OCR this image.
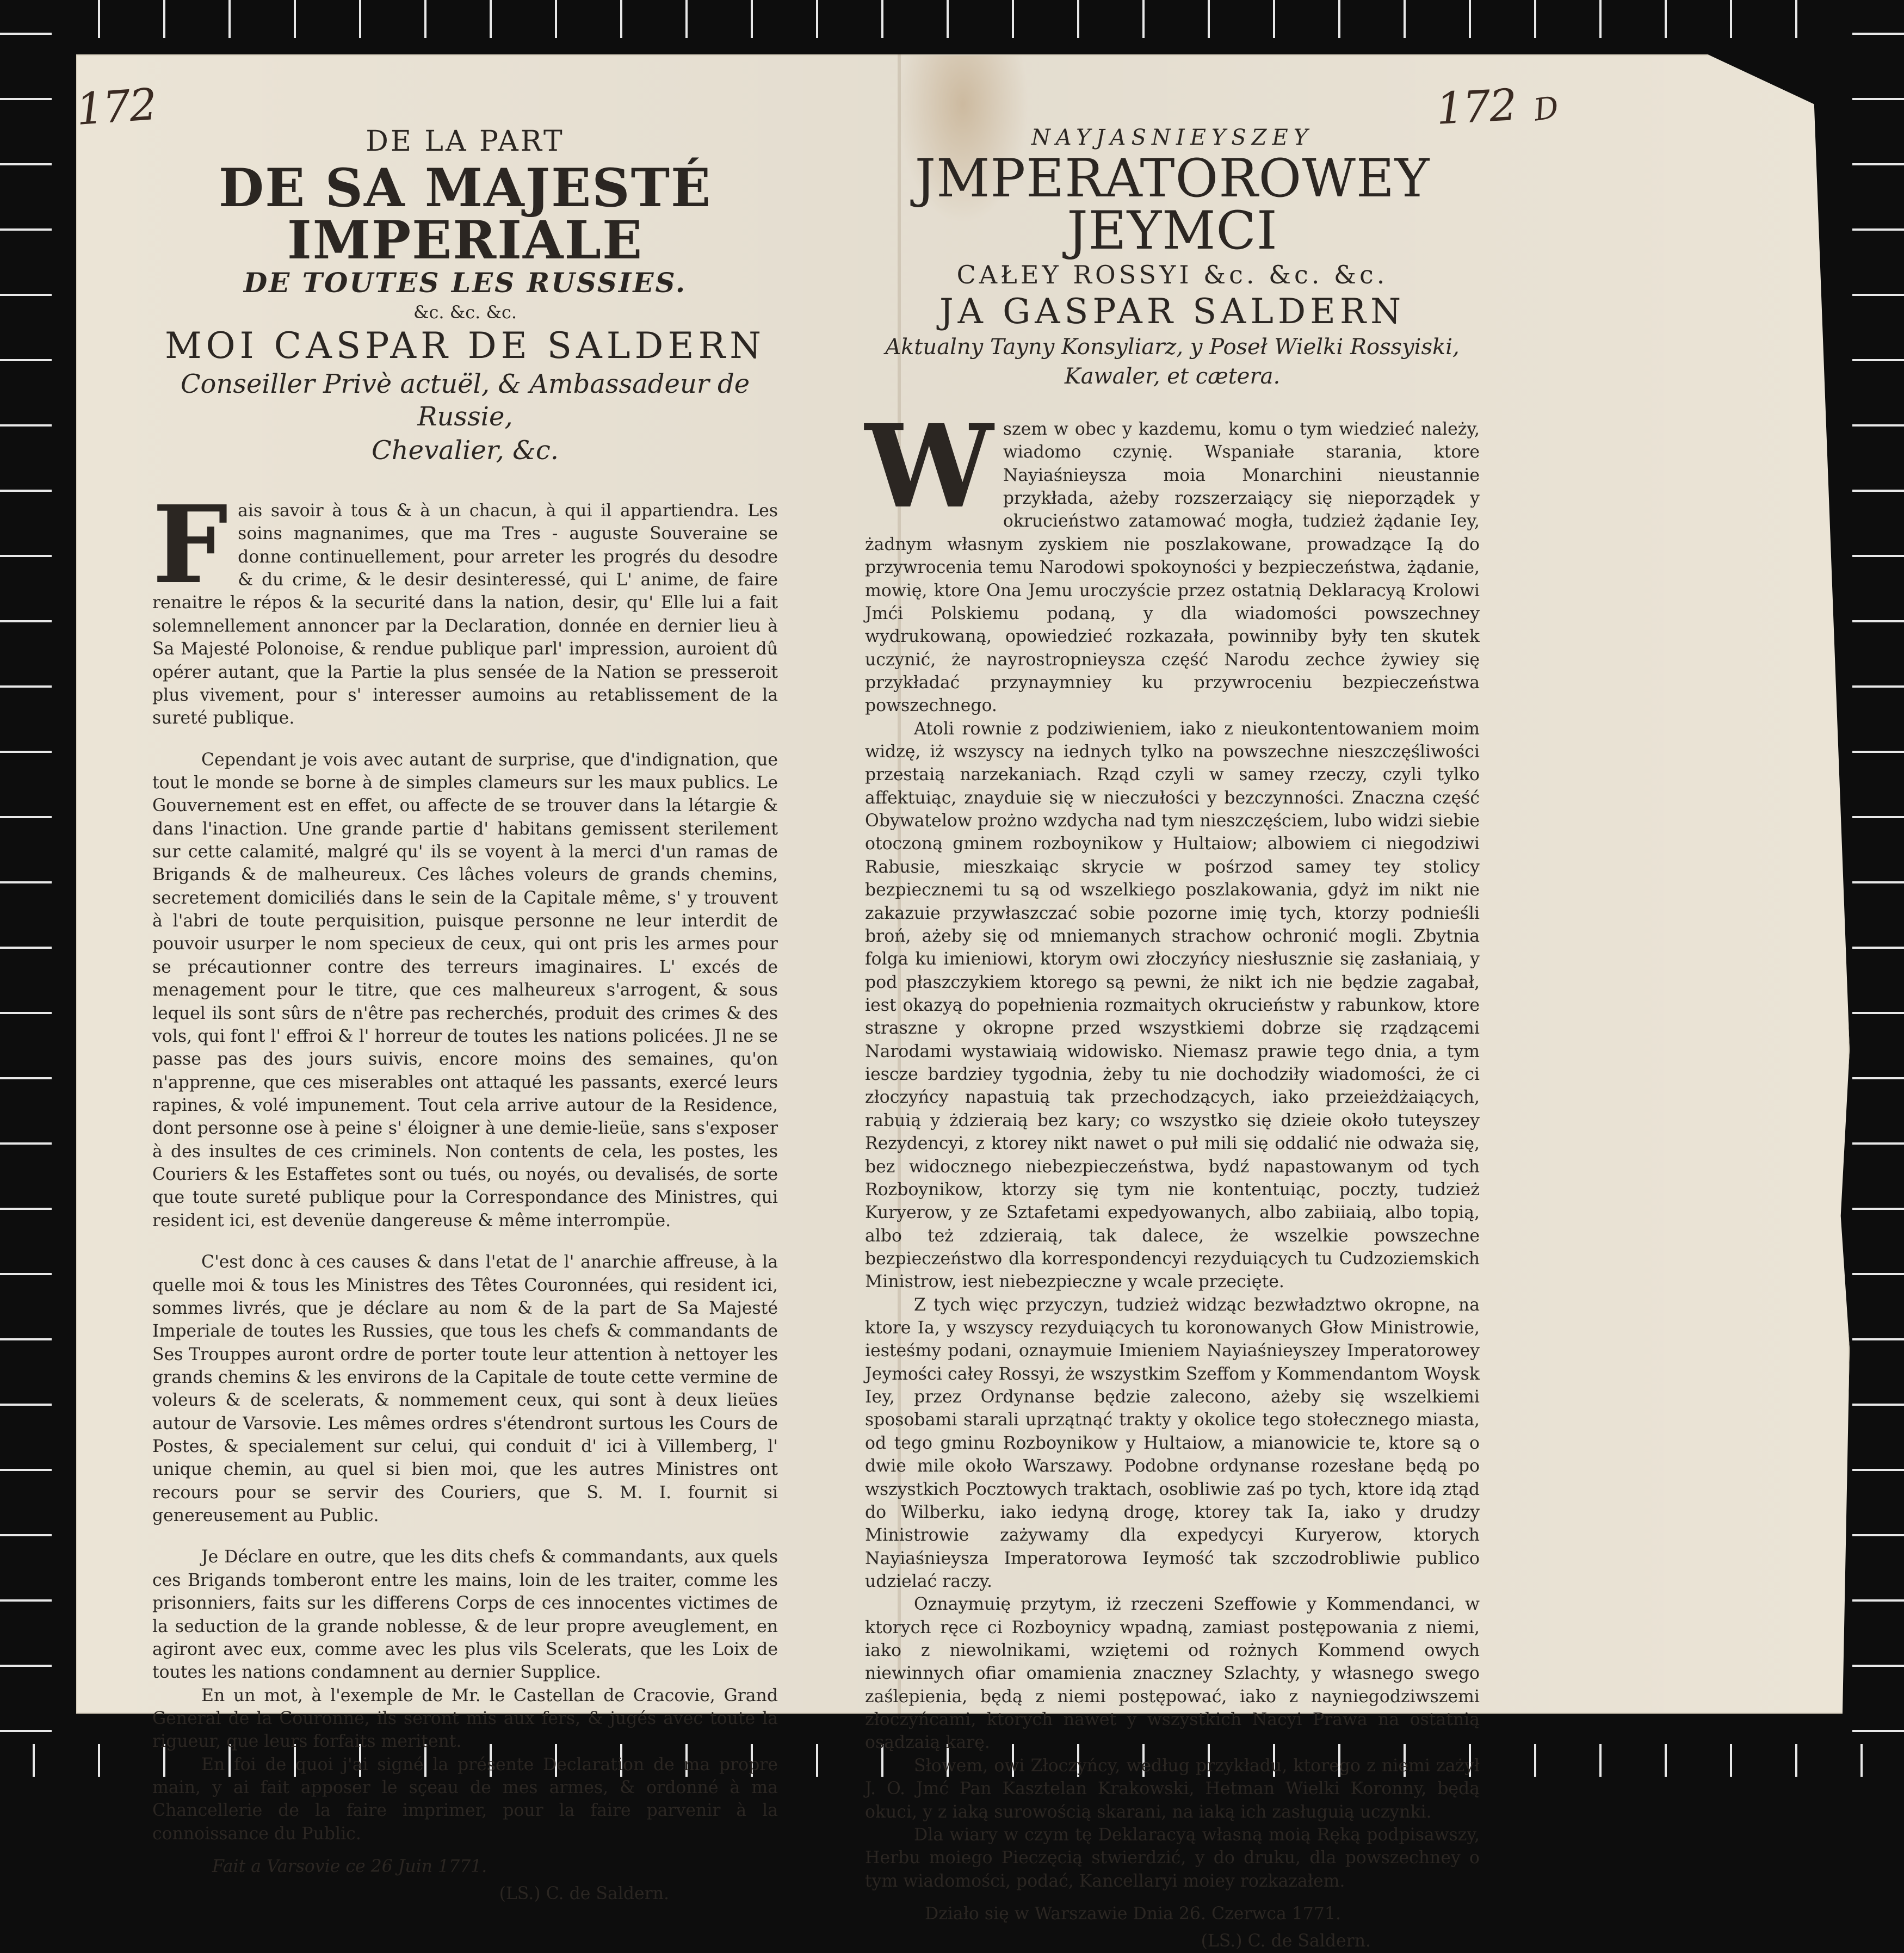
172	172 D
DE LA PART
DE SA MAJESTÉ IMPERIALE
DE TOUTES LES RUSSIES.
&c. &c. &c.
MOI CASPAR DE SALDERN
Conseiller Privè actuël, & Ambassadeur de Russie,
Chevalier, &c.

Fais savoir à tous & à un chacun, à qui il appartiendra. Les soins magnanimes, que ma Tres - auguste Souveraine se donne continuellement, pour arreter les progrés du desodre & du crime, & le desir desinteressé, qui L' anime, de faire renaitre le répos & la securité dans la nation, desir, qu' Elle lui a fait solemnellement annoncer par la Declaration, donnée en dernier lieu à Sa Majesté Polonoise, & rendue publique parl' impression, auroient dû opérer autant, que la Partie la plus sensée de la Nation se presseroit plus vivement, pour s' interesser aumoins au retablissement de la sureté publique.

Cependant je vois avec autant de surprise, que d'indignation, que tout le monde se borne à de simples clameurs sur les maux publics. Le Gouvernement est en effet, ou affecte de se trouver dans la létargie & dans l'inaction. Une grande partie d' habitans gemissent sterilement sur cette calamité, malgré qu' ils se voyent à la merci d'un ramas de Brigands & de malheureux. Ces lâches voleurs de grands chemins, secretement domiciliés dans le sein de la Capitale même, s' y trouvent à l'abri de toute perquisition, puisque personne ne leur interdit de pouvoir usurper le nom specieux de ceux, qui ont pris les armes pour se précautionner contre des terreurs imaginaires. L' excés de menagement pour le titre, que ces malheureux s'arrogent, & sous lequel ils sont sûrs de n'être pas recherchés, produit des crimes & des vols, qui font l' effroi & l' horreur de toutes les nations policées. Jl ne se passe pas des jours suivis, encore moins des semaines, qu'on n'apprenne, que ces miserables ont attaqué les passants, exercé leurs rapines, & volé impunement. Tout cela arrive autour de la Residence, dont personne ose à peine s' éloigner à une demie-lieüe, sans s'exposer à des insultes de ces criminels. Non contents de cela, les postes, les Couriers & les Estaffetes sont ou tués, ou noyés, ou devalisés, de sorte que toute sureté publique pour la Correspondance des Ministres, qui resident ici, est devenüe dangereuse & même interrompüe.

C'est donc à ces causes & dans l'etat de l' anarchie affreuse, à la quelle moi & tous les Ministres des Têtes Couronnées, qui resident ici, sommes livrés, que je déclare au nom & de la part de Sa Majesté Imperiale de toutes les Russies, que tous les chefs & commandants de Ses Trouppes auront ordre de porter toute leur attention à nettoyer les grands chemins & les environs de la Capitale de toute cette vermine de voleurs & de scelerats, & nommement ceux, qui sont à deux lieües autour de Varsovie. Les mêmes ordres s'étendront surtous les Cours de Postes, & specialement sur celui, qui conduit d' ici à Villemberg, l' unique chemin, au quel si bien moi, que les autres Ministres ont recours pour se servir des Couriers, que S. M. I. fournit si genereusement au Public.

Je Déclare en outre, que les dits chefs & commandants, aux quels ces Brigands tomberont entre les mains, loin de les traiter, comme les prisonniers, faits sur les differens Corps de ces innocentes victimes de la seduction de la grande noblesse, & de leur propre aveuglement, en agiront avec eux, comme avec les plus vils Scelerats, que les Loix de toutes les nations condamnent au dernier Supplice.

En un mot, à l'exemple de Mr. le Castellan de Cracovie, Grand General de la Couronne, ils seront mis aux fers, & jugés avec toute la rigueur, que leurs forfaits meritent.

En foi de quoi j'ai signé la présente Declaration de ma propre main, y ai fait apposer le sçeau de mes armes, & ordonné à ma Chancellerie de la faire imprimer, pour la faire parvenir à la connoissance du Public.

Fait a Varsovie ce 26 Juin 1771.
(LS.) C. de Saldern.
NAYJASNIEYSZEY
JMPERATOROWEY JEYMCI
CAŁEY ROSSYI &c. &c. &c.
JA GASPAR SALDERN
Aktualny Tayny Konsyliarz, y Poseł Wielki Rossyiski,
Kawaler, et cætera.

Wszem w obec y kazdemu, komu o tym wiedzieć należy, wiadomo czynię. Wspaniałe starania, ktore Nayiaśnieysza moia Monarchini nieustannie przykłada, ażeby rozszerzaiący się nieporządek y okrucieństwo zatamować mogła, tudzież żądanie Iey, żadnym własnym zyskiem nie poszlakowane, prowadzące Ią do przywrocenia temu Narodowi spokoyności y bezpieczeństwa, żądanie, mowię, ktore Ona Jemu uroczyście przez ostatnią Deklaracyą Krolowi Jmći Polskiemu podaną, y dla wiadomości powszechney wydrukowaną, opowiedzieć rozkazała, powinniby były ten skutek uczynić, że nayrostropnieysza część Narodu zechce żywiey się przykładać przynaymniey ku przywroceniu bezpieczeństwa powszechnego.

Atoli rownie z podziwieniem, iako z nieukontentowaniem moim widzę, iż wszyscy na iednych tylko na powszechne nieszczęśliwości przestaią narzekaniach. Rząd czyli w samey rzeczy, czyli tylko affektuiąc, znayduie się w nieczułości y bezczynności. Znaczna część Obywatelow prożno wzdycha nad tym nieszczęściem, lubo widzi siebie otoczoną gminem rozboynikow y Hultaiow; albowiem ci niegodziwi Rabusie, mieszkaiąc skrycie w pośrzod samey tey stolicy bezpiecznemi tu są od wszelkiego poszlakowania, gdyż im nikt nie zakazuie przywłaszczać sobie pozorne imię tych, ktorzy podnieśli broń, ażeby się od mniemanych strachow ochronić mogli. Zbytnia folga ku imieniowi, ktorym owi złoczyńcy niesłusznie się zasłaniaią, y pod płaszczykiem ktorego są pewni, że nikt ich nie będzie zagabał, iest okazyą do popełnienia rozmaitych okrucieństw y rabunkow, ktore straszne y okropne przed wszystkiemi dobrze się rządzącemi Narodami wystawiaią widowisko. Niemasz prawie tego dnia, a tym iescze bardziey tygodnia, żeby tu nie dochodziły wiadomości, że ci złoczyńcy napastuią tak przechodzących, iako przeieżdżaiących, rabuią y żdzieraią bez kary; co wszystko się dzieie około tuteyszey Rezydencyi, z ktorey nikt nawet o puł mili się oddalić nie odważa się, bez widocznego niebezpieczeństwa, bydź napastowanym od tych Rozboynikow, ktorzy się tym nie kontentuiąc, poczty, tudzież Kuryerow, y ze Sztafetami expedyowanych, albo zabiiaią, albo topią, albo też zdzieraią, tak dalece, że wszelkie powszechne bezpieczeństwo dla korrespondencyi rezyduiących tu Cudzoziemskich Ministrow, iest niebezpieczne y wcale przecięte.

Z tych więc przyczyn, tudzież widząc bezwładztwo okropne, na ktore Ia, y wszyscy rezyduiących tu koronowanych Głow Ministrowie, iesteśmy podani, oznaymuie Imieniem Nayiaśnieyszey Imperatorowey Jeymości całey Rossyi, że wszystkim Szeffom y Kommendantom Woysk Iey, przez Ordynanse będzie zalecono, ażeby się wszelkiemi sposobami starali uprzątnąć trakty y okolice tego stołecznego miasta, od tego gminu Rozboynikow y Hultaiow, a mianowicie te, ktore są o dwie mile około Warszawy. Podobne ordynanse rozesłane będą po wszystkich Pocztowych traktach, osobliwie zaś po tych, ktore idą ztąd do Wilberku, iako iedyną drogę, ktorey tak Ia, iako y drudzy Ministrowie zażywamy dla expedycyi Kuryerow, ktorych Nayiaśnieysza Imperatorowa Ieymość tak szczodrobliwie publico udzielać raczy.

Oznaymuię przytym, iż rzeczeni Szeffowie y Kommendanci, w ktorych ręce ci Rozboynicy wpadną, zamiast postępowania z niemi, iako z niewolnikami, wziętemi od rożnych Kommend owych niewinnych ofiar omamienia znaczney Szlachty, y własnego swego zaślepienia, będą z niemi postępować, iako z nayniegodziwszemi złoczyńcami, ktorych nawet y wszystkich Nacyi Prawa na ostatnią osądzaią karę.

Słowem, owi Złoczyńcy, według przykładu, ktorego z niemi zażył J. O. Jmć Pan Kasztelan Krakowski, Hetman Wielki Koronny, będą okuci, y z iaką surowością skarani, na iaką ich zasługuią uczynki.

Dla wiary w czym tę Deklaracyą własną moią Ręką podpisawszy, Herbu moiego Pieczęcią stwierdzić, y do druku, dla powszechney o tym wiadomości, podać, Kancellaryi moiey rozkazałem.

Działo się w Warszawie Dnia 26. Czerwca 1771.
(LS.) C. de Saldern.
